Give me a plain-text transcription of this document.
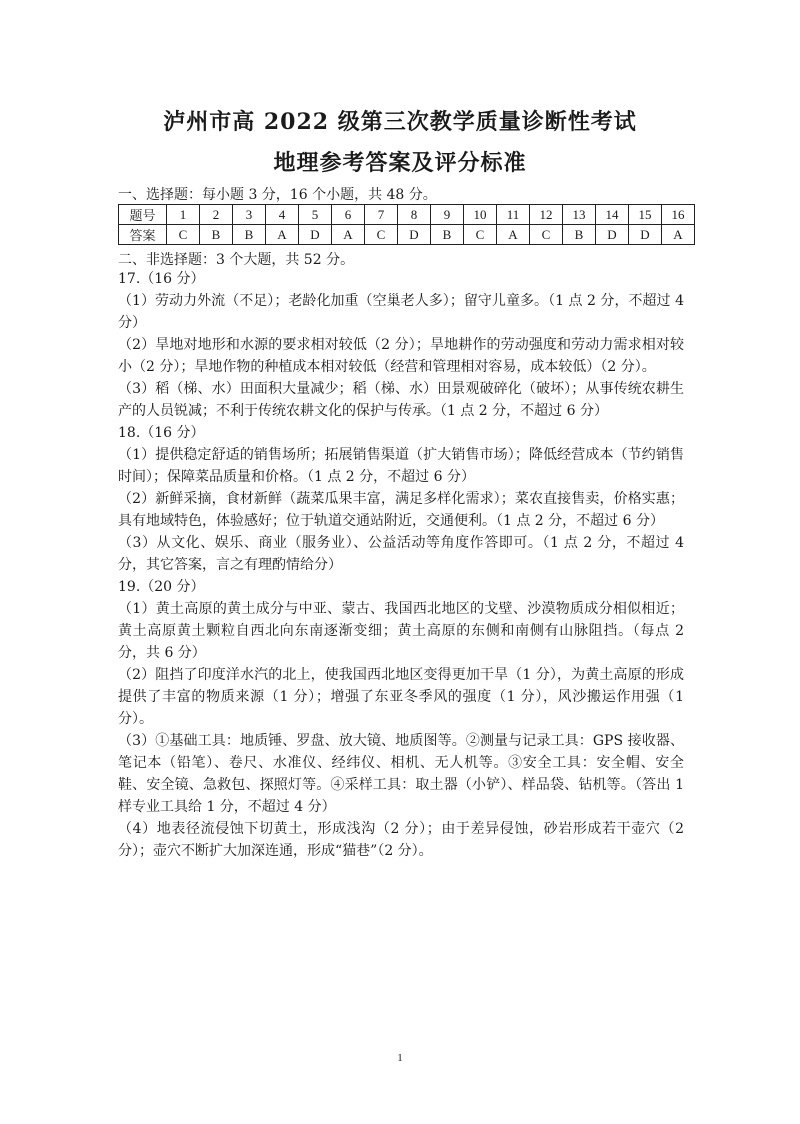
泸州市高 2022 级第三次教学质量诊断性考试
地理参考答案及评分标准
一、选择题：每小题 3 分，16 个小题，共 48 分。
题号	1	2	3	4	5	6	7	8	9	10	11	12	13	14	15	16
答案	C	B	B	A	D	A	C	D	B	C	A	C	B	D	D	A
二、非选择题：3 个大题，共 52 分。

17.（16 分）

（1）劳动力外流（不足）；老龄化加重（空巢老人多）；留守儿童多。（1 点 2 分，不超过 4 分）

（2）旱地对地形和水源的要求相对较低（2 分）；旱地耕作的劳动强度和劳动力需求相对较小（2 分）；旱地作物的种植成本相对较低（经营和管理相对容易，成本较低）（2 分）。

（3）稻（梯、水）田面积大量减少；稻（梯、水）田景观破碎化（破坏）；从事传统农耕生产的人员锐减；不利于传统农耕文化的保护与传承。（1 点 2 分，不超过 6 分）

18.（16 分）

（1）提供稳定舒适的销售场所；拓展销售渠道（扩大销售市场）；降低经营成本（节约销售时间）；保障菜品质量和价格。（1 点 2 分，不超过 6 分）

（2）新鲜采摘，食材新鲜（蔬菜瓜果丰富，满足多样化需求）；菜农直接售卖，价格实惠；具有地域特色，体验感好；位于轨道交通站附近，交通便利。（1 点 2 分，不超过 6 分）

（3）从文化、娱乐、商业（服务业）、公益活动等角度作答即可。（1 点 2 分，不超过 4 分，其它答案，言之有理酌情给分）

19.（20 分）

（1）黄土高原的黄土成分与中亚、蒙古、我国西北地区的戈壁、沙漠物质成分相似相近；黄土高原黄土颗粒自西北向东南逐渐变细；黄土高原的东侧和南侧有山脉阻挡。（每点 2 分，共 6 分）

（2）阻挡了印度洋水汽的北上，使我国西北地区变得更加干旱（1 分），为黄土高原的形成提供了丰富的物质来源（1 分）；增强了东亚冬季风的强度（1 分），风沙搬运作用强（1 分）。

（3）①基础工具：地质锤、罗盘、放大镜、地质图等。②测量与记录工具：GPS 接收器、笔记本（铅笔）、卷尺、水准仪、经纬仪、相机、无人机等。③安全工具：安全帽、安全鞋、安全镜、急救包、探照灯等。④采样工具：取土器（小铲）、样品袋、钻机等。（答出 1 样专业工具给 1 分，不超过 4 分）

（4）地表径流侵蚀下切黄土，形成浅沟（2 分）；由于差异侵蚀，砂岩形成若干壶穴（2 分）；壶穴不断扩大加深连通，形成“猫巷”（2 分）。

1
